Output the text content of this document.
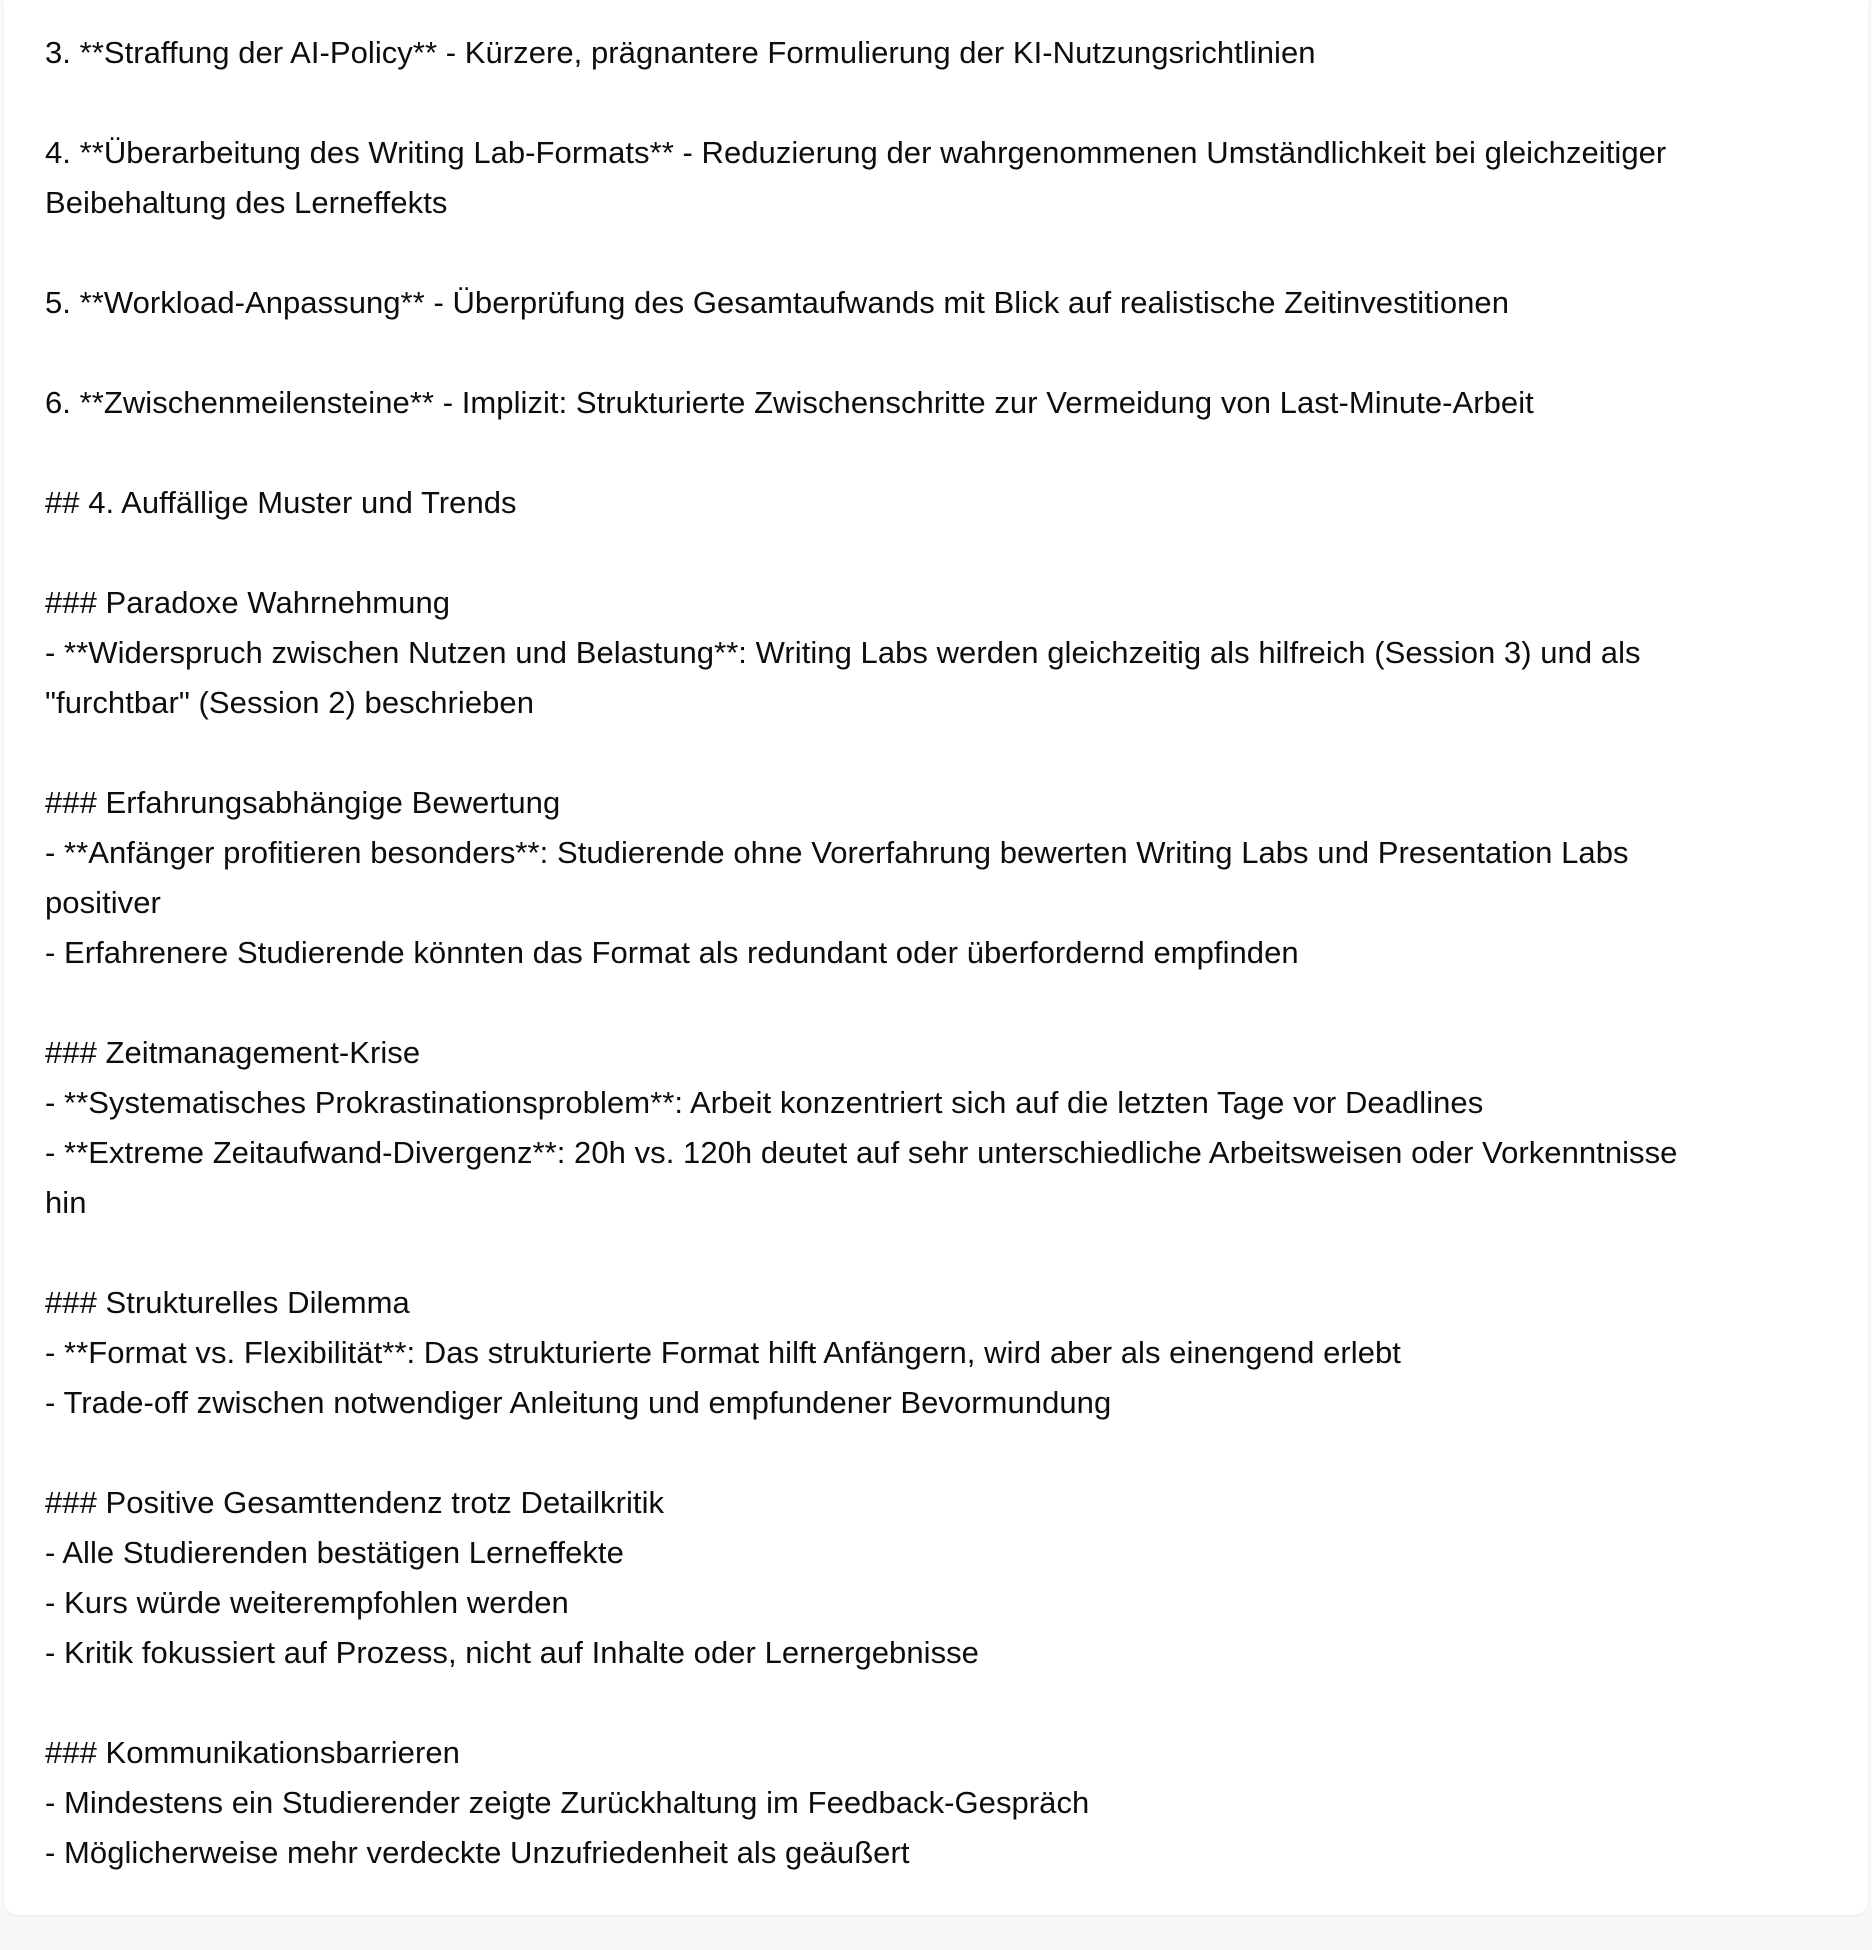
3. **Straffung der AI-Policy** - Kürzere, prägnantere Formulierung der KI-Nutzungsrichtlinien
4. **Überarbeitung des Writing Lab-Formats** - Reduzierung der wahrgenommenen Umständlichkeit bei gleichzeitiger
Beibehaltung des Lerneffekts
5. **Workload-Anpassung** - Überprüfung des Gesamtaufwands mit Blick auf realistische Zeitinvestitionen
6. **Zwischenmeilensteine** - Implizit: Strukturierte Zwischenschritte zur Vermeidung von Last-Minute-Arbeit
## 4. Auffällige Muster und Trends
### Paradoxe Wahrnehmung
- **Widerspruch zwischen Nutzen und Belastung**: Writing Labs werden gleichzeitig als hilfreich (Session 3) und als
"furchtbar" (Session 2) beschrieben
### Erfahrungsabhängige Bewertung
- **Anfänger profitieren besonders**: Studierende ohne Vorerfahrung bewerten Writing Labs und Presentation Labs
positiver
- Erfahrenere Studierende könnten das Format als redundant oder überfordernd empfinden
### Zeitmanagement-Krise
- **Systematisches Prokrastinationsproblem**: Arbeit konzentriert sich auf die letzten Tage vor Deadlines
- **Extreme Zeitaufwand-Divergenz**: 20h vs. 120h deutet auf sehr unterschiedliche Arbeitsweisen oder Vorkenntnisse
hin
### Strukturelles Dilemma
- **Format vs. Flexibilität**: Das strukturierte Format hilft Anfängern, wird aber als einengend erlebt
- Trade-off zwischen notwendiger Anleitung und empfundener Bevormundung
### Positive Gesamttendenz trotz Detailkritik
- Alle Studierenden bestätigen Lerneffekte
- Kurs würde weiterempfohlen werden
- Kritik fokussiert auf Prozess, nicht auf Inhalte oder Lernergebnisse
### Kommunikationsbarrieren
- Mindestens ein Studierender zeigte Zurückhaltung im Feedback-Gespräch
- Möglicherweise mehr verdeckte Unzufriedenheit als geäußert
